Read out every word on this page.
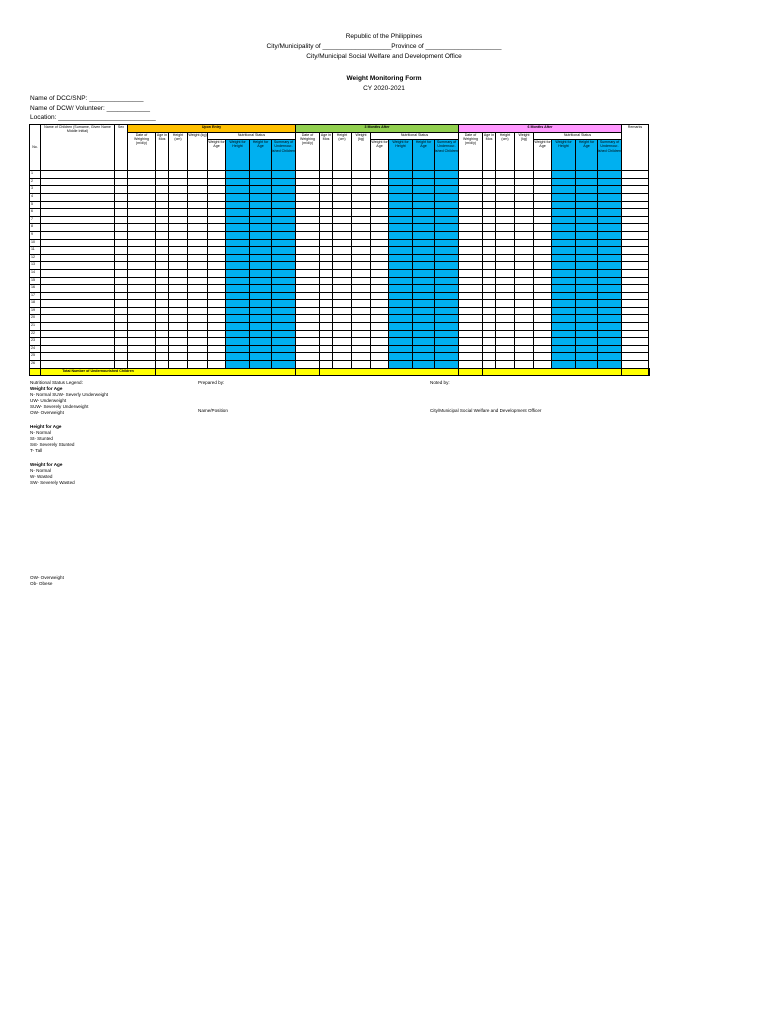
Republic of the Philippines
City/Municipality of ___________________Province of _____________________
City/Municipal Social Welfare and Development Office
Weight Monitoring Form
CY 2020-2021
Name of DCC/SNP: _______________
Name of DCW/ Volunteer: ____________
Location: ___________________________
No.	Name of Children (Surname, Given Name Middle Initial)	Sex	Upon Entry								3 Months After								6 Months After								Remarks	
			Date of Weighing (m/d/y)	Age in Mos	Height (cm)	Weight (kg)	Nutritional Status				Date of Weighing (m/d/y)	Age in Mos	Height (cm)	Weight (kg)	Nutritional Status				Date of Weighing (m/d/y)	Age in Mos	Height (cm)	Weight (kg)	Nutritional Status					
							Weight for Age	Weight for Height	Height for Age	Summary of Undernour-ished Children					Weight for Age	Weight for Height	Height for Age	Summary of Undernour-ished Children					Weight for Age	Weight for Height	Height for Age	Summary of Undernour-ished Children		
1																												
2																												
3																												
4																												
5																												
6																												
7																												
8																												
9																												
10																												
11																												
12																												
13																												
14																												
15																												
16																												
17																												
18																												
19																												
20																												
21																												
22																												
23																												
24																												
25																												
26																												
	Total Number of Undernourished Children																											
Nutritional Status Legend:
Weight for Age
N- Normal SUW- Severly Underweight
UW- Underweight
SUW- Severely Underweight
OW- Overweight
Height for Age
N- Normal
St- Stunted
Sst- Severely Stunted
T- Tall
Weight for Age
N- Normal
W- Wasted
SW- Severely Wasted
OW- Overweight
Ob- Obese
Prepared by:
Name/Position
Noted by:
City/Municipal Social Welfare and Development Officer
